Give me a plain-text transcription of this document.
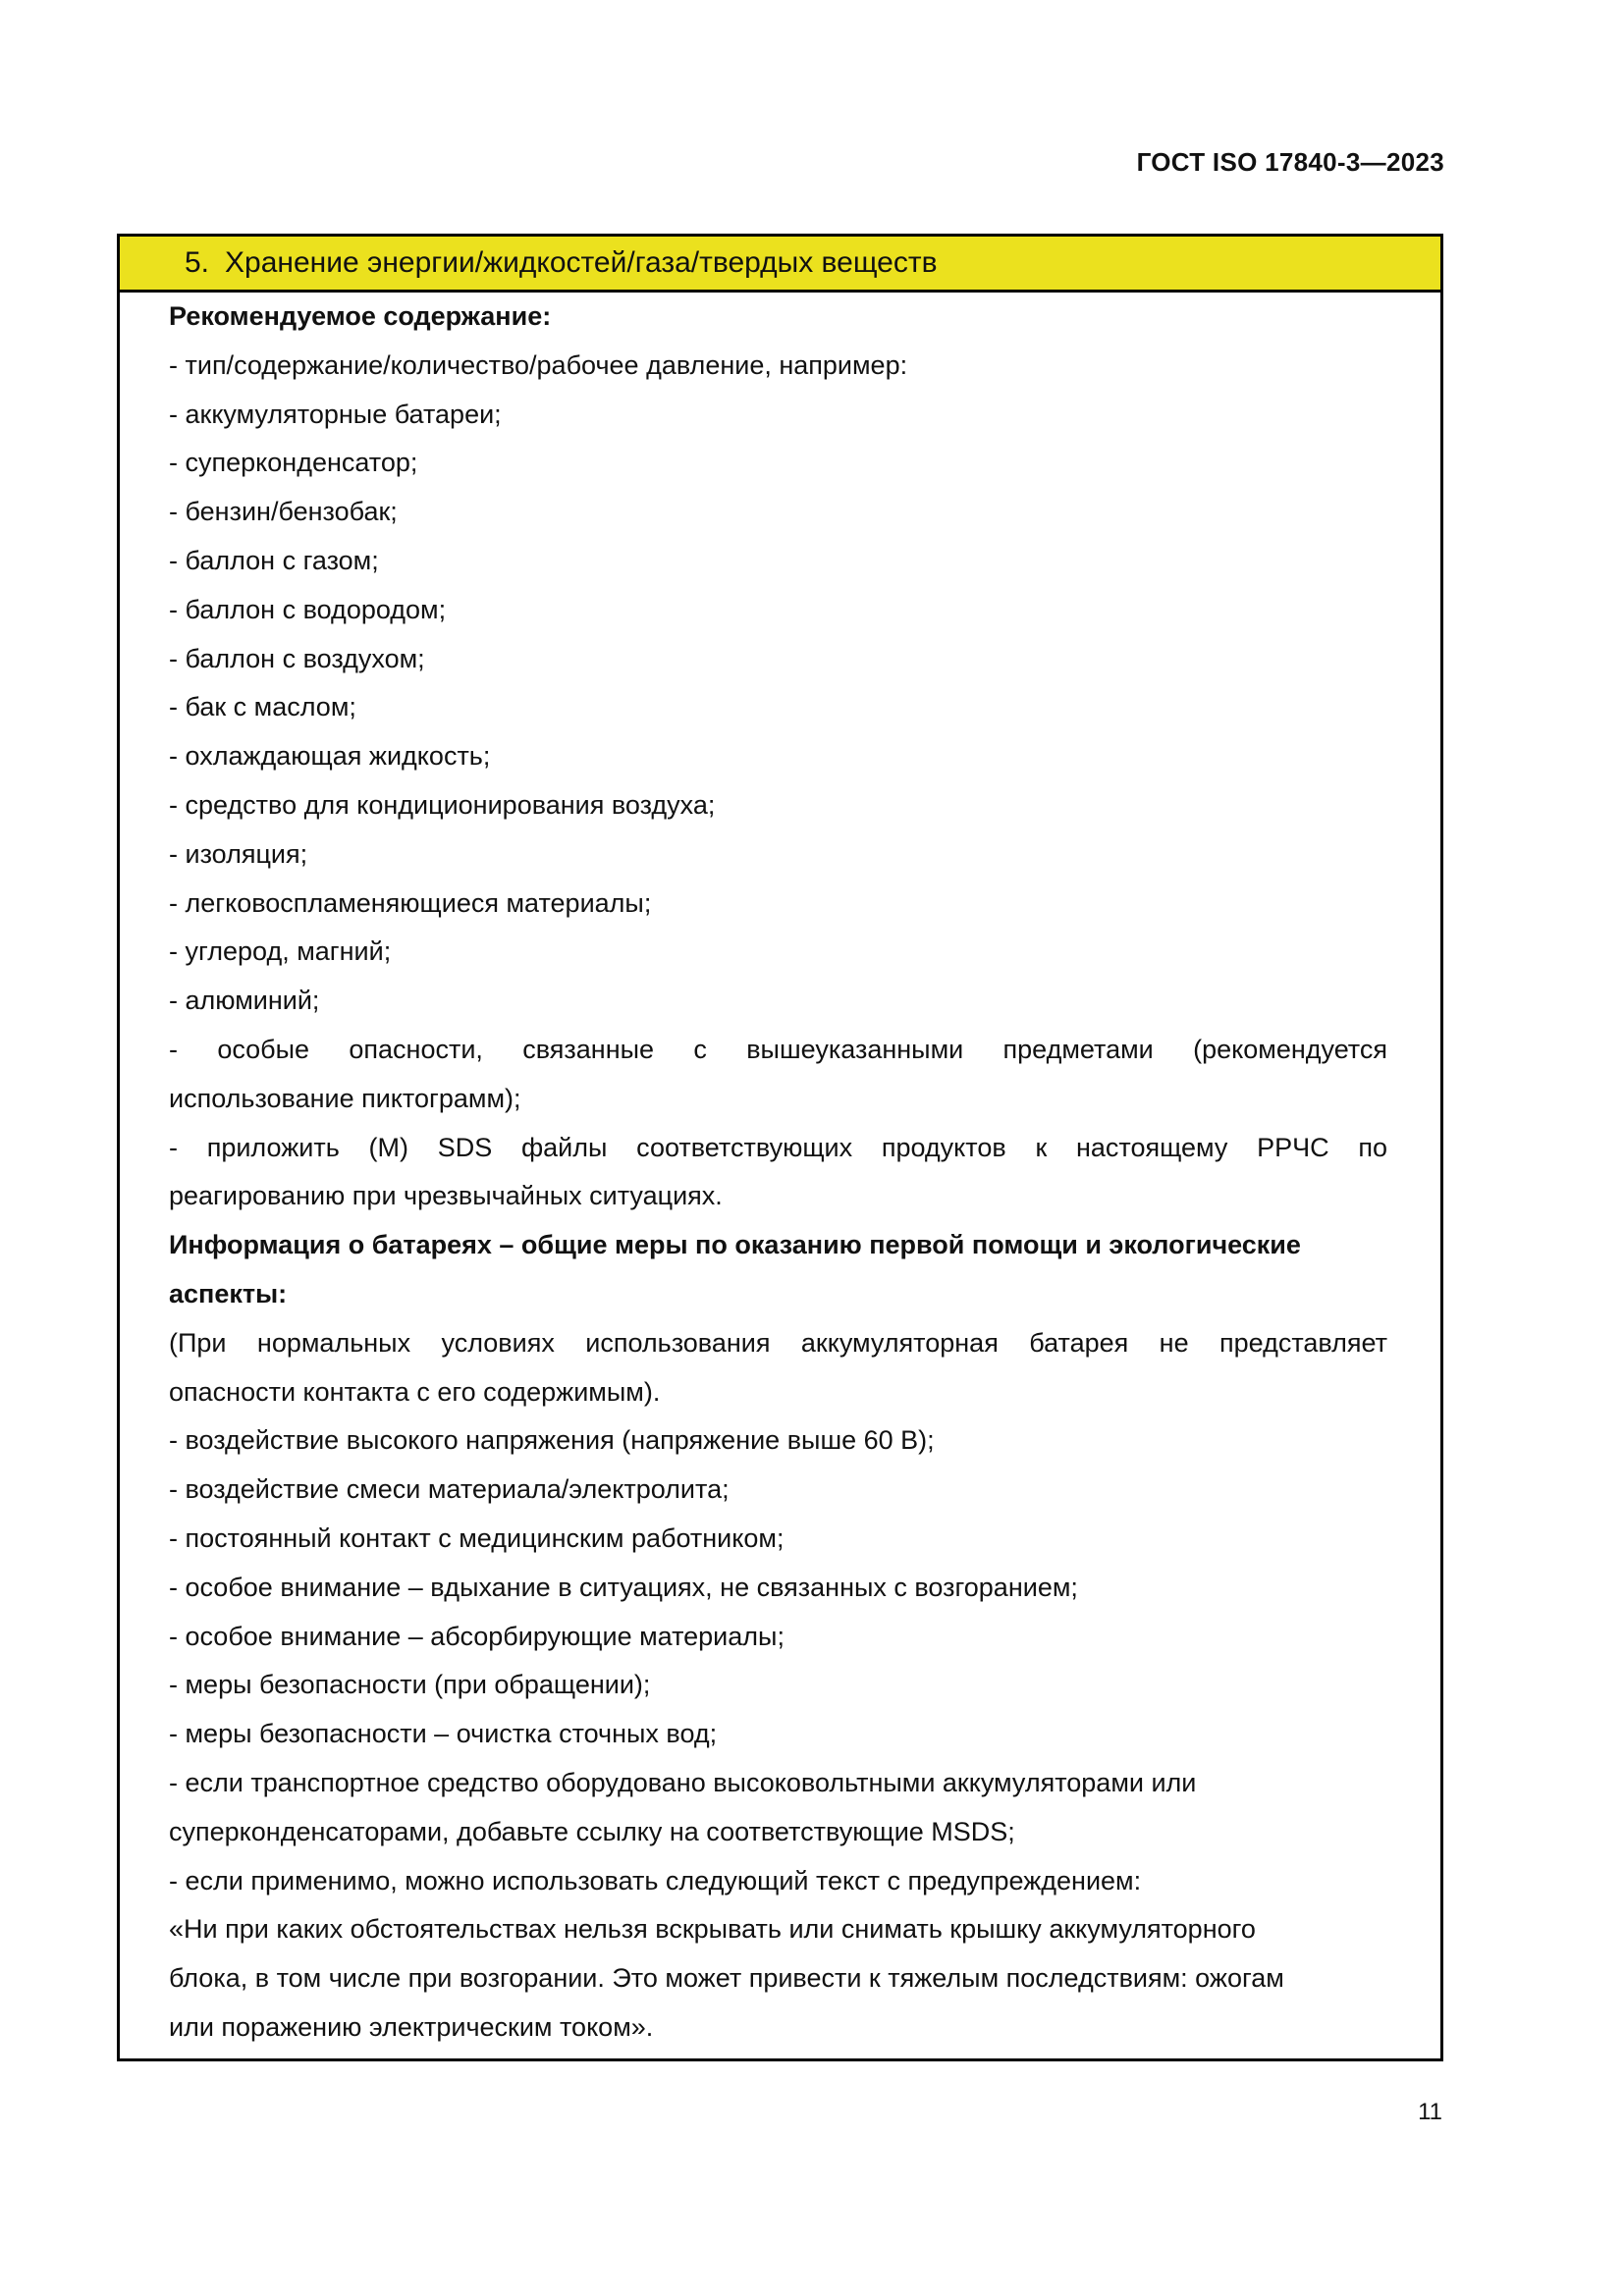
ГОСТ ISO 17840-3—2023
5. Хранение энергии/жидкостей/газа/твердых веществ
Рекомендуемое содержание:
- тип/содержание/количество/рабочее давление, например:
- аккумуляторные батареи;
- суперконденсатор;
- бензин/бензобак;
- баллон с газом;
- баллон с водородом;
- баллон с воздухом;
- бак с маслом;
- охлаждающая жидкость;
- средство для кондиционирования воздуха;
- изоляция;
- легковоспламеняющиеся материалы;
- углерод, магний;
- алюминий;
- особые опасности, связанные с вышеуказанными предметами (рекомендуется
использование пиктограмм);
- приложить (М) SDS файлы соответствующих продуктов к настоящему РРЧС по
реагированию при чрезвычайных ситуациях.
Информация о батареях – общие меры по оказанию первой помощи и экологические
аспекты:
(При нормальных условиях использования аккумуляторная батарея не представляет
опасности контакта с его содержимым).
- воздействие высокого напряжения (напряжение выше 60 В);
- воздействие смеси материала/электролита;
- постоянный контакт с медицинским работником;
- особое внимание – вдыхание в ситуациях, не связанных с возгоранием;
- особое внимание – абсорбирующие материалы;
- меры безопасности (при обращении);
- меры безопасности – очистка сточных вод;
- если транспортное средство оборудовано высоковольтными аккумуляторами или
суперконденсаторами, добавьте ссылку на соответствующие MSDS;
- если применимо, можно использовать следующий текст с предупреждением:
«Ни при каких обстоятельствах нельзя вскрывать или снимать крышку аккумуляторного
блока, в том числе при возгорании. Это может привести к тяжелым последствиям: ожогам
или поражению электрическим током».
11
